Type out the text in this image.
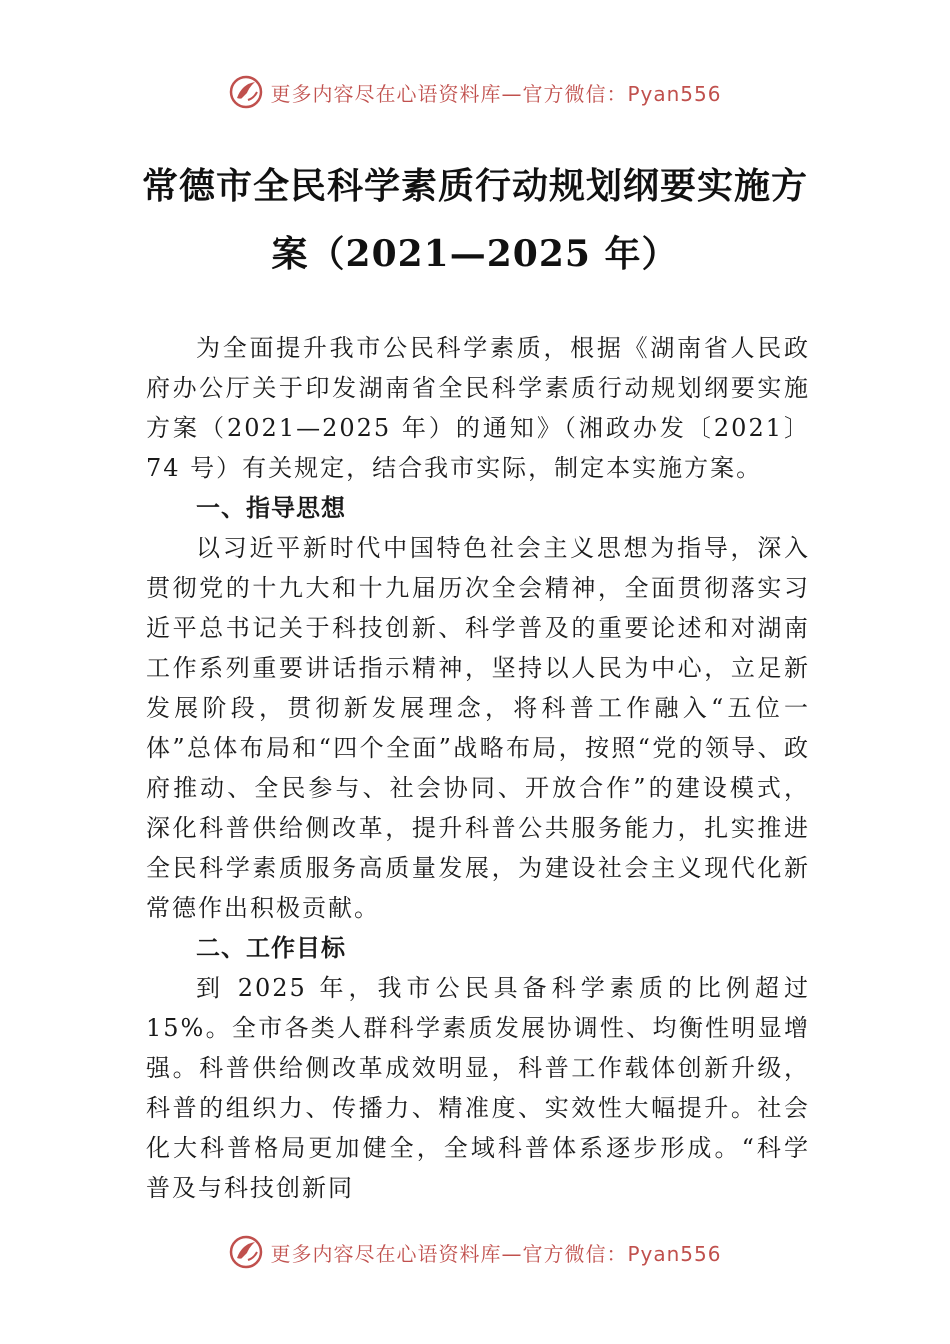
更多内容尽在心语资料库—官方微信：Pyan556
常德市全民科学素质行动规划纲要实施方
案（2021—2025 年）

为全面提升我市公民科学素质，根据《湖南省人民政府办公厅关于印发湖南省全民科学素质行动规划纲要实施方案（2021—2025 年）的通知》（湘政办发〔2021〕74 号）有关规定，结合我市实际，制定本实施方案。

一、指导思想

以习近平新时代中国特色社会主义思想为指导，深入贯彻党的十九大和十九届历次全会精神，全面贯彻落实习近平总书记关于科技创新、科学普及的重要论述和对湖南工作系列重要讲话指示精神，坚持以人民为中心，立足新发展阶段，贯彻新发展理念，将科普工作融入“五位一体”总体布局和“四个全面”战略布局，按照“党的领导、政府推动、全民参与、社会协同、开放合作”的建设模式，深化科普供给侧改革，提升科普公共服务能力，扎实推进全民科学素质服务高质量发展，为建设社会主义现代化新常德作出积极贡献。

二、工作目标

到 2025 年，我市公民具备科学素质的比例超过 15%。全市各类人群科学素质发展协调性、均衡性明显增强。科普供给侧改革成效明显，科普工作载体创新升级，科普的组织力、传播力、精准度、实效性大幅提升。社会化大科普格局更加健全，全域科普体系逐步形成。“科学普及与科技创新同

更多内容尽在心语资料库—官方微信：Pyan556
